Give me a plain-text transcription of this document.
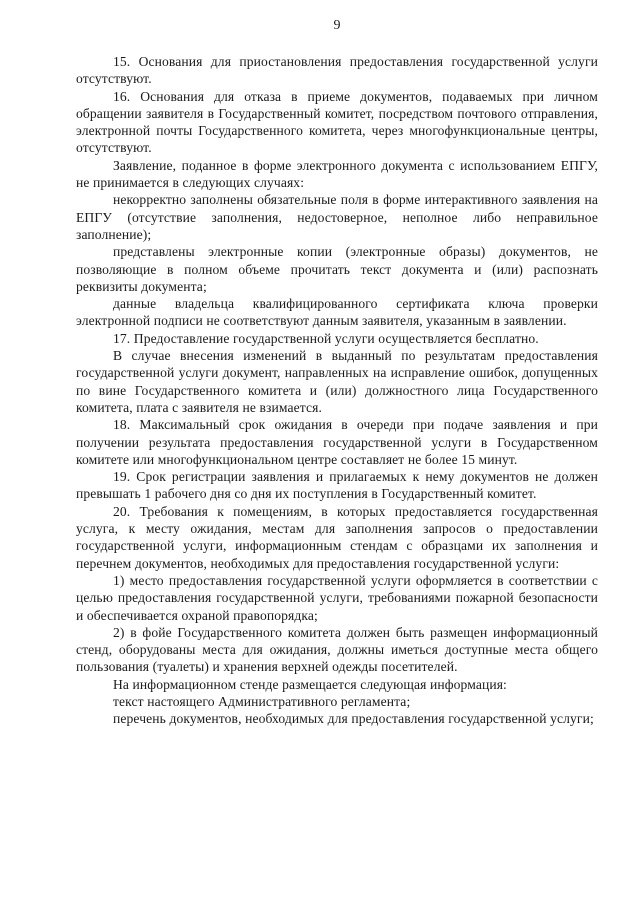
9

15. Основания для приостановления предоставления государственной услуги отсутствуют.

16. Основания для отказа в приеме документов, подаваемых при личном обращении заявителя в Государственный комитет, посредством почтового отправления, электронной почты Государственного комитета, через многофункциональные центры, отсутствуют.

Заявление, поданное в форме электронного документа с использованием ЕПГУ, не принимается в следующих случаях:

некорректно заполнены обязательные поля в форме интерактивного заявления на ЕПГУ (отсутствие заполнения, недостоверное, неполное либо неправильное заполнение);

представлены электронные копии (электронные образы) документов, не позволяющие в полном объеме прочитать текст документа и (или) распознать реквизиты документа;

данные владельца квалифицированного сертификата ключа проверки электронной подписи не соответствуют данным заявителя, указанным в заявлении.

17. Предоставление государственной услуги осуществляется бесплатно.

В случае внесения изменений в выданный по результатам предоставления государственной услуги документ, направленных на исправление ошибок, допущенных по вине Государственного комитета и (или) должностного лица Государственного комитета, плата с заявителя не взимается.

18. Максимальный срок ожидания в очереди при подаче заявления и при получении результата предоставления государственной услуги в Государственном комитете или многофункциональном центре составляет не более 15 минут.

19. Срок регистрации заявления и прилагаемых к нему документов не должен превышать 1 рабочего дня со дня их поступления в Государственный комитет.

20. Требования к помещениям, в которых предоставляется государственная услуга, к месту ожидания, местам для заполнения запросов о предоставлении государственной услуги, информационным стендам с образцами их заполнения и перечнем документов, необходимых для предоставления государственной услуги:

1) место предоставления государственной услуги оформляется в соответствии с целью предоставления государственной услуги, требованиями пожарной безопасности и обеспечивается охраной правопорядка;

2) в фойе Государственного комитета должен быть размещен информационный стенд, оборудованы места для ожидания, должны иметься доступные места общего пользования (туалеты) и хранения верхней одежды посетителей.

На информационном стенде размещается следующая информация:

текст настоящего Административного регламента;

перечень документов, необходимых для предоставления государственной услуги;
